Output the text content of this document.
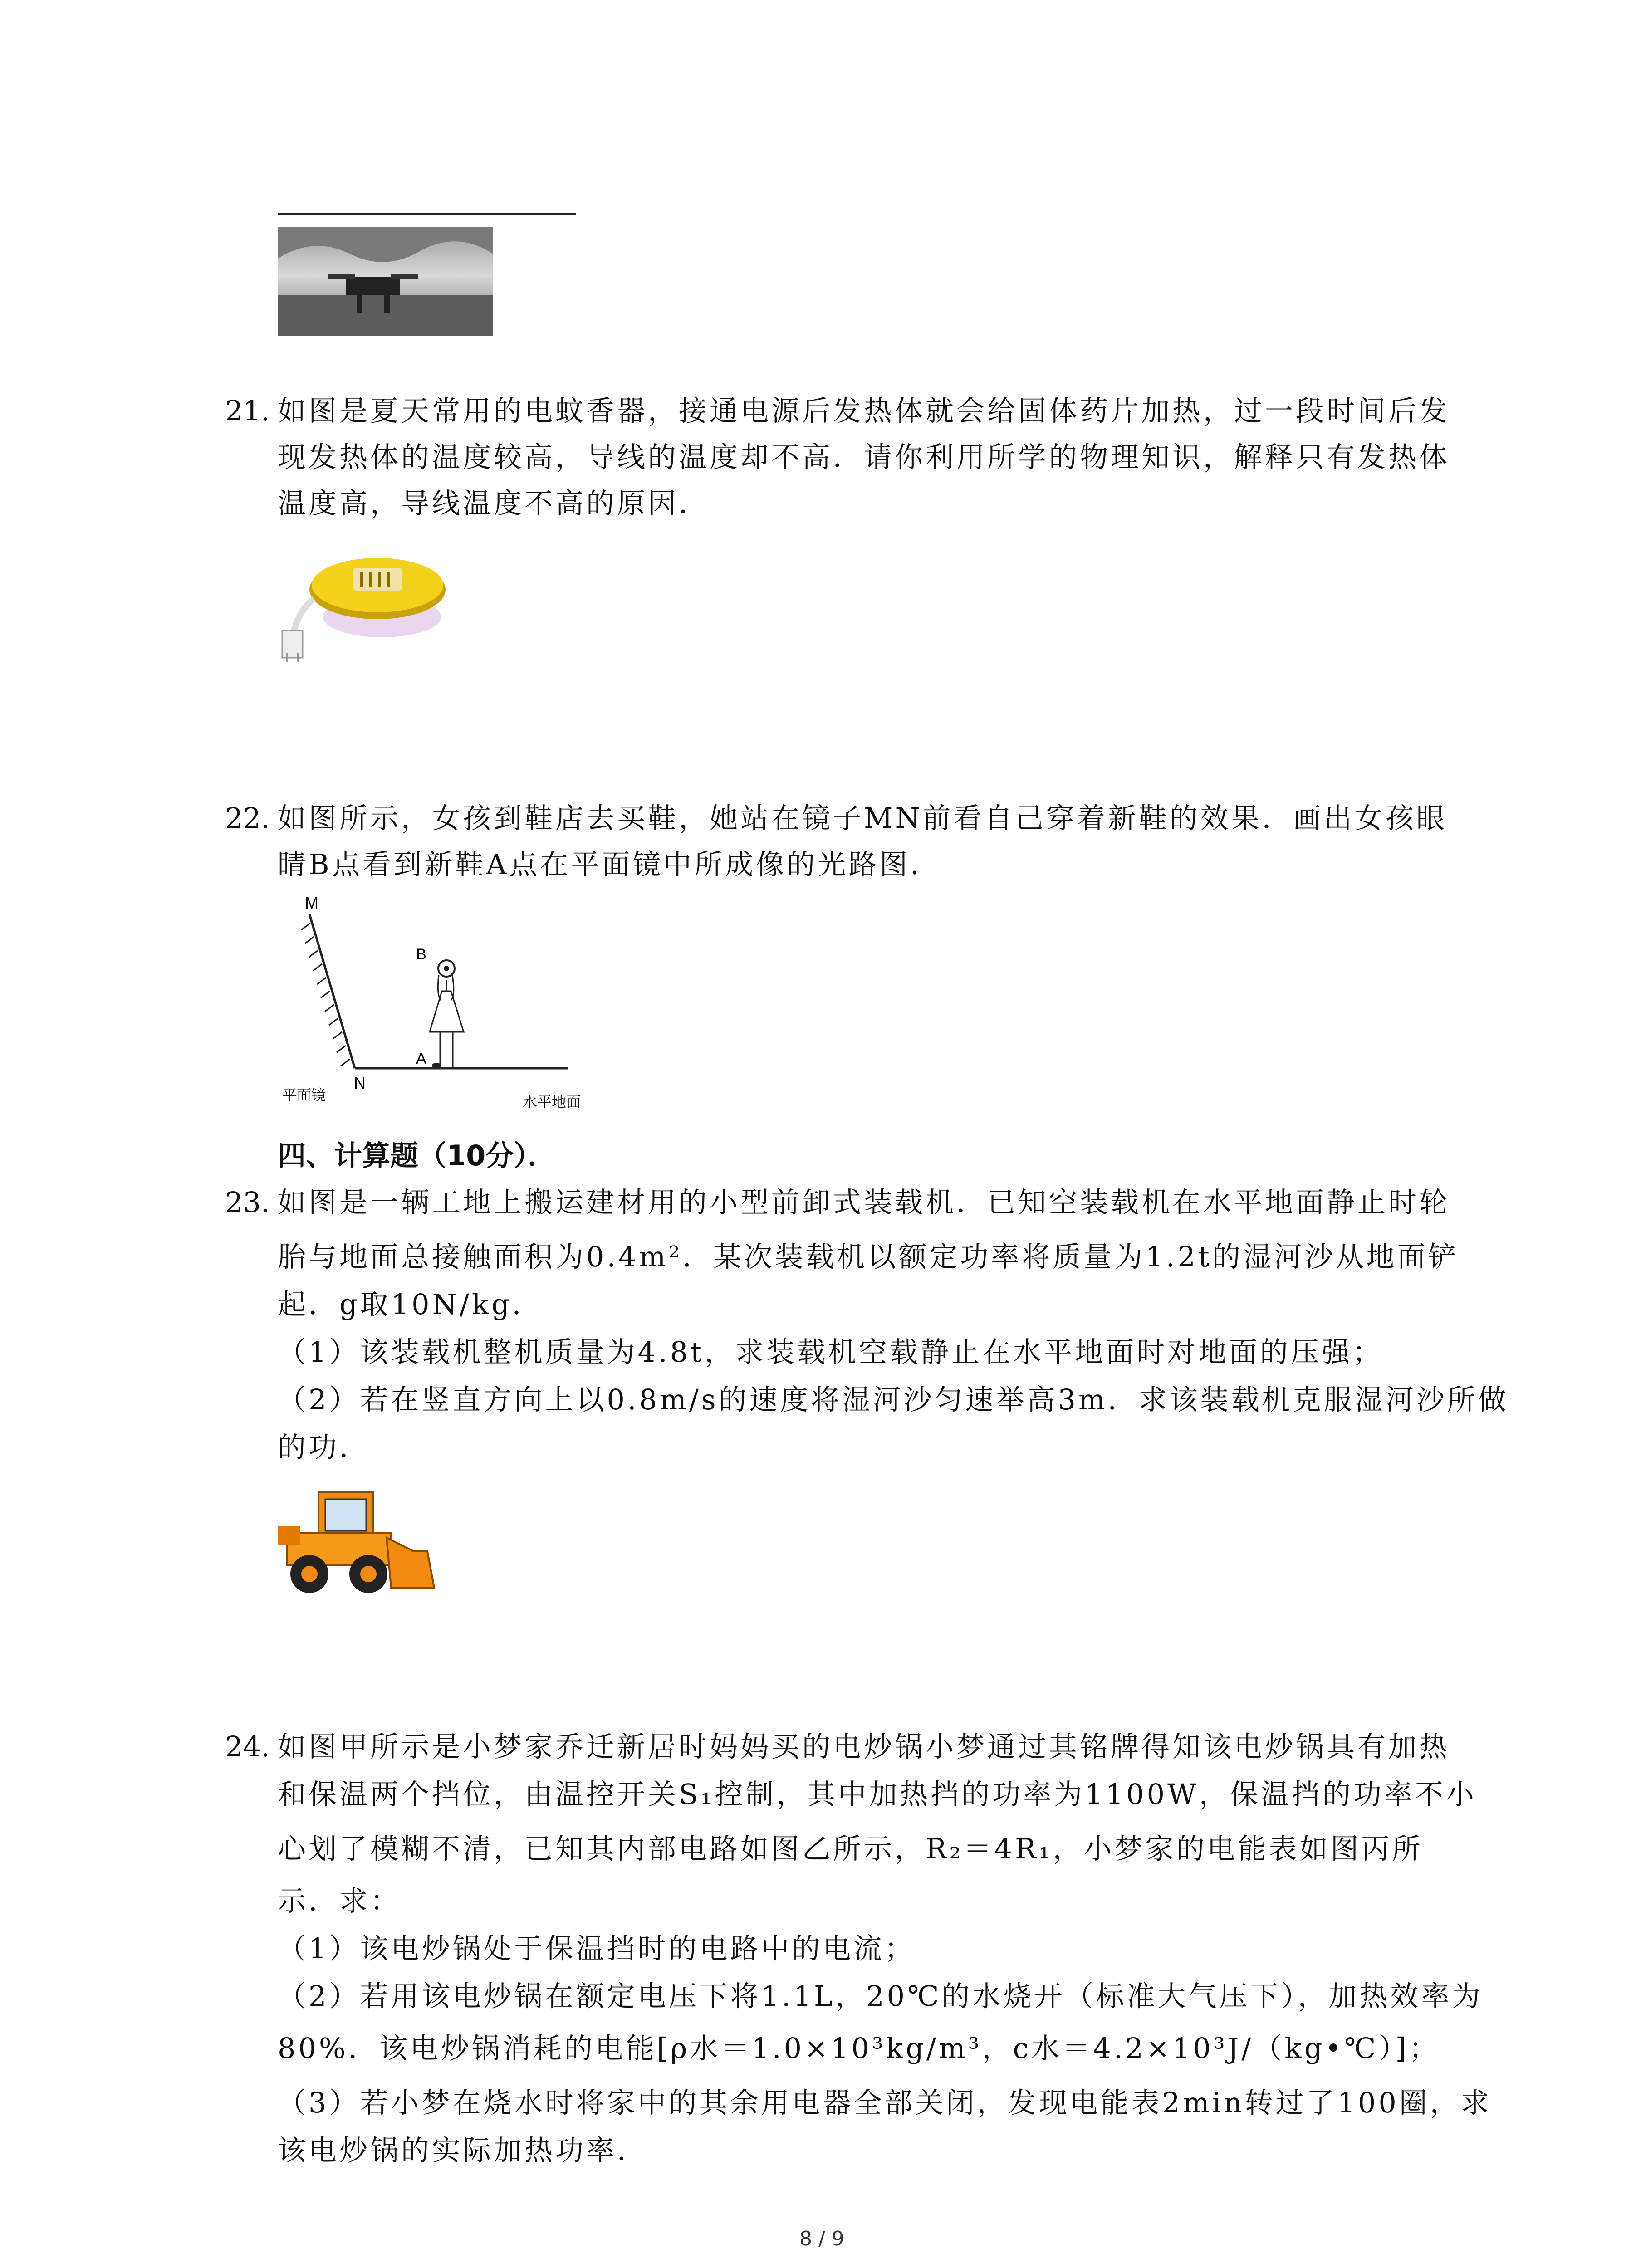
21. 如图是夏天常用的电蚊香器，接通电源后发热体就会给固体药片加热，过一段时间后发
现发热体的温度较高，导线的温度却不高．请你利用所学的物理知识，解释只有发热体
温度高，导线温度不高的原因．
22. 如图所示，女孩到鞋店去买鞋，她站在镜子MN前看自己穿着新鞋的效果．画出女孩眼
睛B点看到新鞋A点在平面镜中所成像的光路图．
M
N
B
A
平面镜	水平地面
四、计算题（10分）．
23. 如图是一辆工地上搬运建材用的小型前卸式装载机．已知空装载机在水平地面静止时轮
胎与地面总接触面积为0.4m²．某次装载机以额定功率将质量为1.2t的湿河沙从地面铲
起．g取10N/kg．
（1）该装载机整机质量为4.8t，求装载机空载静止在水平地面时对地面的压强；
（2）若在竖直方向上以0.8m/s的速度将湿河沙匀速举高3m．求该装载机克服湿河沙所做
的功．
24. 如图甲所示是小梦家乔迁新居时妈妈买的电炒锅小梦通过其铭牌得知该电炒锅具有加热
和保温两个挡位，由温控开关S₁控制，其中加热挡的功率为1100W，保温挡的功率不小
心划了模糊不清，已知其内部电路如图乙所示，R₂＝4R₁，小梦家的电能表如图丙所
示．求：
（1）该电炒锅处于保温挡时的电路中的电流；
（2）若用该电炒锅在额定电压下将1.1L，20℃的水烧开（标准大气压下），加热效率为
80%．该电炒锅消耗的电能[ρ水＝1.0×10³kg/m³，c水＝4.2×10³J/（kg•℃）]；
（3）若小梦在烧水时将家中的其余用电器全部关闭，发现电能表2min转过了100圈，求
该电炒锅的实际加热功率．
8 / 9
